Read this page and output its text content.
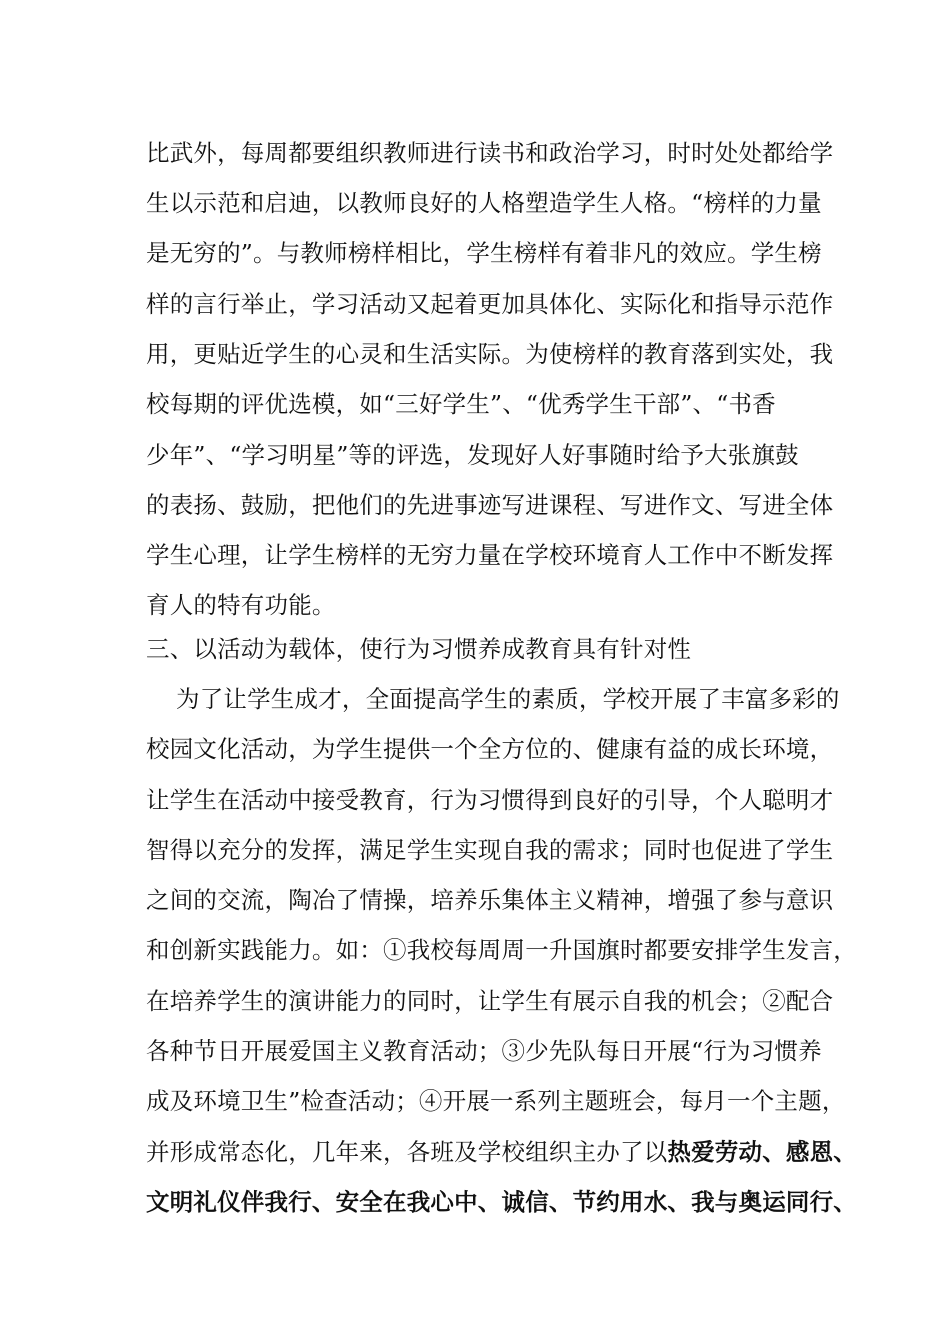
比武外，每周都要组织教师进行读书和政治学习，时时处处都给学
生以示范和启迪，以教师良好的人格塑造学生人格。“榜样的力量
是无穷的”。与教师榜样相比，学生榜样有着非凡的效应。学生榜
样的言行举止，学习活动又起着更加具体化、实际化和指导示范作
用，更贴近学生的心灵和生活实际。为使榜样的教育落到实处，我
校每期的评优选模，如“三好学生”、“优秀学生干部”、“书香
少年”、“学习明星”等的评选，发现好人好事随时给予大张旗鼓
的表扬、鼓励，把他们的先进事迹写进课程、写进作文、写进全体
学生心理，让学生榜样的无穷力量在学校环境育人工作中不断发挥
育人的特有功能。
三、以活动为载体，使行为习惯养成教育具有针对性
为了让学生成才，全面提高学生的素质，学校开展了丰富多彩的
校园文化活动，为学生提供一个全方位的、健康有益的成长环境，
让学生在活动中接受教育，行为习惯得到良好的引导，个人聪明才
智得以充分的发挥，满足学生实现自我的需求；同时也促进了学生
之间的交流，陶冶了情操，培养乐集体主义精神，增强了参与意识
和创新实践能力。如：①我校每周周一升国旗时都要安排学生发言，
在培养学生的演讲能力的同时，让学生有展示自我的机会；②配合
各种节日开展爱国主义教育活动；③少先队每日开展“行为习惯养
成及环境卫生”检查活动；④开展一系列主题班会，每月一个主题，
并形成常态化，几年来，各班及学校组织主办了以热爱劳动、感恩、
文明礼仪伴我行、安全在我心中、诚信、节约用水、我与奥运同行、
